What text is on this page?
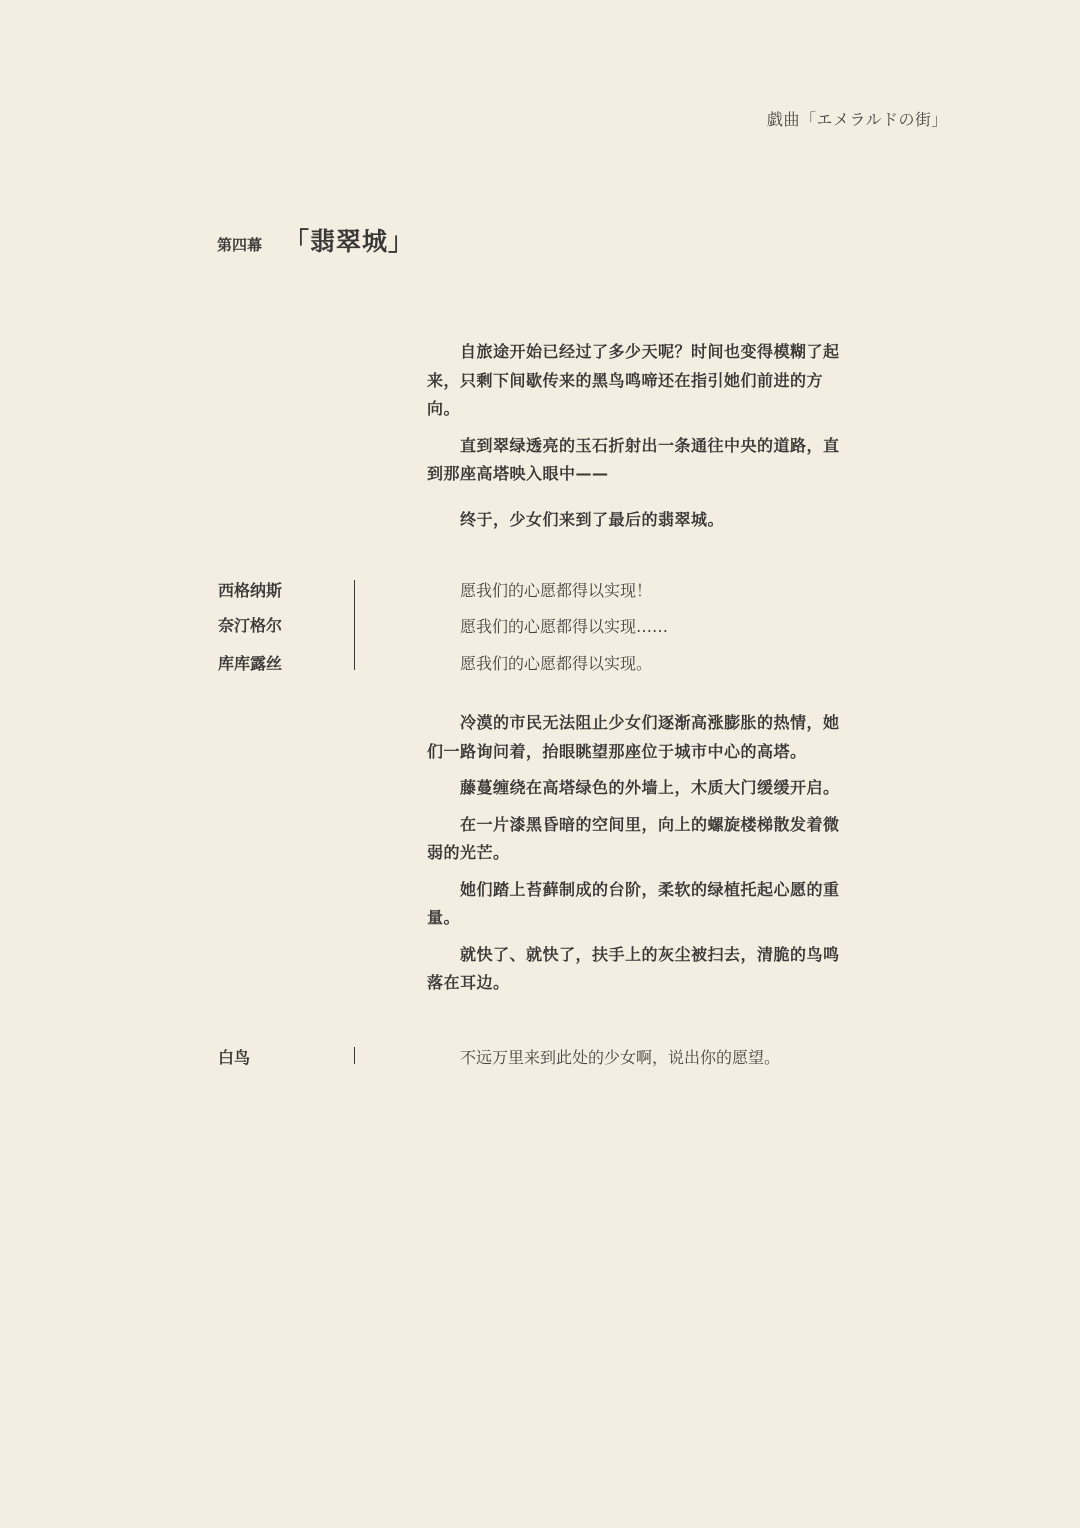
戯曲「エメラルドの街」
第四幕 「翡翠城」

自旅途开始已经过了多少天呢？时间也变得模糊了起来，只剩下间歇传来的黑鸟鸣啼还在指引她们前进的方向。

直到翠绿透亮的玉石折射出一条通往中央的道路，直到那座高塔映入眼中——

终于，少女们来到了最后的翡翠城。

西格纳斯
奈汀格尔
库库露丝
愿我们的心愿都得以实现！
愿我们的心愿都得以实现……
愿我们的心愿都得以实现。

冷漠的市民无法阻止少女们逐渐高涨膨胀的热情，她们一路询问着，抬眼眺望那座位于城市中心的高塔。

藤蔓缠绕在高塔绿色的外墙上，木质大门缓缓开启。

在一片漆黑昏暗的空间里，向上的螺旋楼梯散发着微弱的光芒。

她们踏上苔藓制成的台阶，柔软的绿植托起心愿的重量。

就快了、就快了，扶手上的灰尘被扫去，清脆的鸟鸣落在耳边。

白鸟	不远万里来到此处的少女啊，说出你的愿望。
